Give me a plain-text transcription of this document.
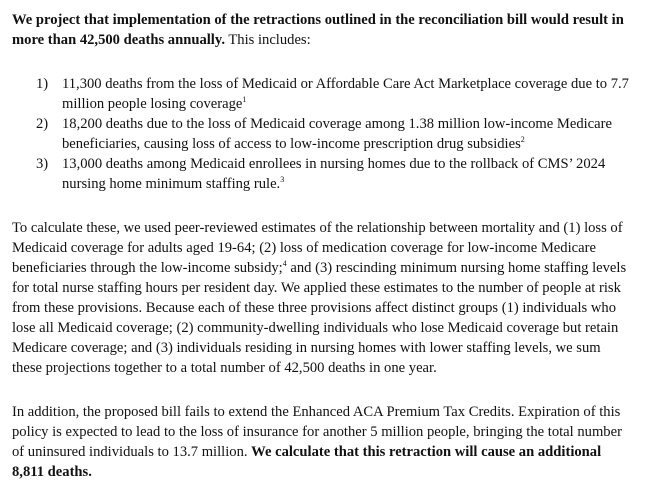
We project that implementation of the retractions outlined in the reconciliation bill would result in more than 42,500 deaths annually. This includes:

1) 11,300 deaths from the loss of Medicaid or Affordable Care Act Marketplace coverage due to 7.7 million people losing coverage$^1$
2) 18,200 deaths due to the loss of Medicaid coverage among 1.38 million low-income Medicare beneficiaries, causing loss of access to low-income prescription drug subsidies$^2$
3) 13,000 deaths among Medicaid enrollees in nursing homes due to the rollback of CMS’ 2024 nursing home minimum staffing rule.$^3$

To calculate these, we used peer-reviewed estimates of the relationship between mortality and (1) loss of Medicaid coverage for adults aged 19-64; (2) loss of medication coverage for low-income Medicare beneficiaries through the low-income subsidy;$^4$ and (3) rescinding minimum nursing home staffing levels for total nurse staffing hours per resident day. We applied these estimates to the number of people at risk from these provisions. Because each of these three provisions affect distinct groups (1) individuals who lose all Medicaid coverage; (2) community-dwelling individuals who lose Medicaid coverage but retain Medicare coverage; and (3) individuals residing in nursing homes with lower staffing levels, we sum these projections together to a total number of 42,500 deaths in one year.

In addition, the proposed bill fails to extend the Enhanced ACA Premium Tax Credits. Expiration of this policy is expected to lead to the loss of insurance for another 5 million people, bringing the total number of uninsured individuals to 13.7 million. We calculate that this retraction will cause an additional 8,811 deaths.
